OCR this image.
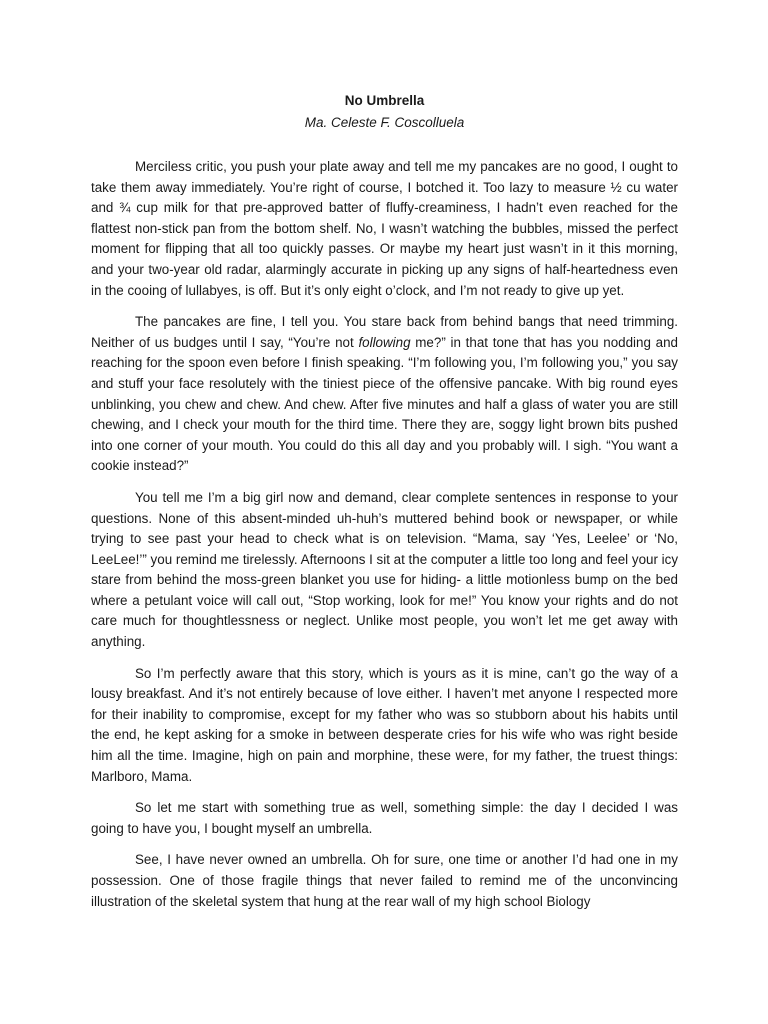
No Umbrella

Ma. Celeste F. Coscolluela

Merciless critic, you push your plate away and tell me my pancakes are no good, I ought to take them away immediately. You’re right of course, I botched it. Too lazy to measure ½ cu water and ¾ cup milk for that pre-approved batter of fluffy-creaminess, I hadn’t even reached for the flattest non-stick pan from the bottom shelf. No, I wasn’t watching the bubbles, missed the perfect moment for flipping that all too quickly passes. Or maybe my heart just wasn’t in it this morning, and your two-year old radar, alarmingly accurate in picking up any signs of half-heartedness even in the cooing of lullabyes, is off. But it’s only eight o’clock, and I’m not ready to give up yet.

The pancakes are fine, I tell you. You stare back from behind bangs that need trimming. Neither of us budges until I say, “You’re not following me?” in that tone that has you nodding and reaching for the spoon even before I finish speaking. “I’m following you, I’m following you,” you say and stuff your face resolutely with the tiniest piece of the offensive pancake. With big round eyes unblinking, you chew and chew. And chew. After five minutes and half a glass of water you are still chewing, and I check your mouth for the third time. There they are, soggy light brown bits pushed into one corner of your mouth. You could do this all day and you probably will. I sigh. “You want a cookie instead?”

You tell me I’m a big girl now and demand, clear complete sentences in response to your questions. None of this absent-minded uh-huh’s muttered behind book or newspaper, or while trying to see past your head to check what is on television. “Mama, say ‘Yes, Leelee’ or ‘No, LeeLee!’” you remind me tirelessly. Afternoons I sit at the computer a little too long and feel your icy stare from behind the moss-green blanket you use for hiding- a little motionless bump on the bed where a petulant voice will call out, “Stop working, look for me!” You know your rights and do not care much for thoughtlessness or neglect. Unlike most people, you won’t let me get away with anything.

So I’m perfectly aware that this story, which is yours as it is mine, can’t go the way of a lousy breakfast. And it’s not entirely because of love either. I haven’t met anyone I respected more for their inability to compromise, except for my father who was so stubborn about his habits until the end, he kept asking for a smoke in between desperate cries for his wife who was right beside him all the time. Imagine, high on pain and morphine, these were, for my father, the truest things: Marlboro, Mama.

So let me start with something true as well, something simple: the day I decided I was going to have you, I bought myself an umbrella.

See, I have never owned an umbrella. Oh for sure, one time or another I’d had one in my possession. One of those fragile things that never failed to remind me of the unconvincing illustration of the skeletal system that hung at the rear wall of my high school Biology
